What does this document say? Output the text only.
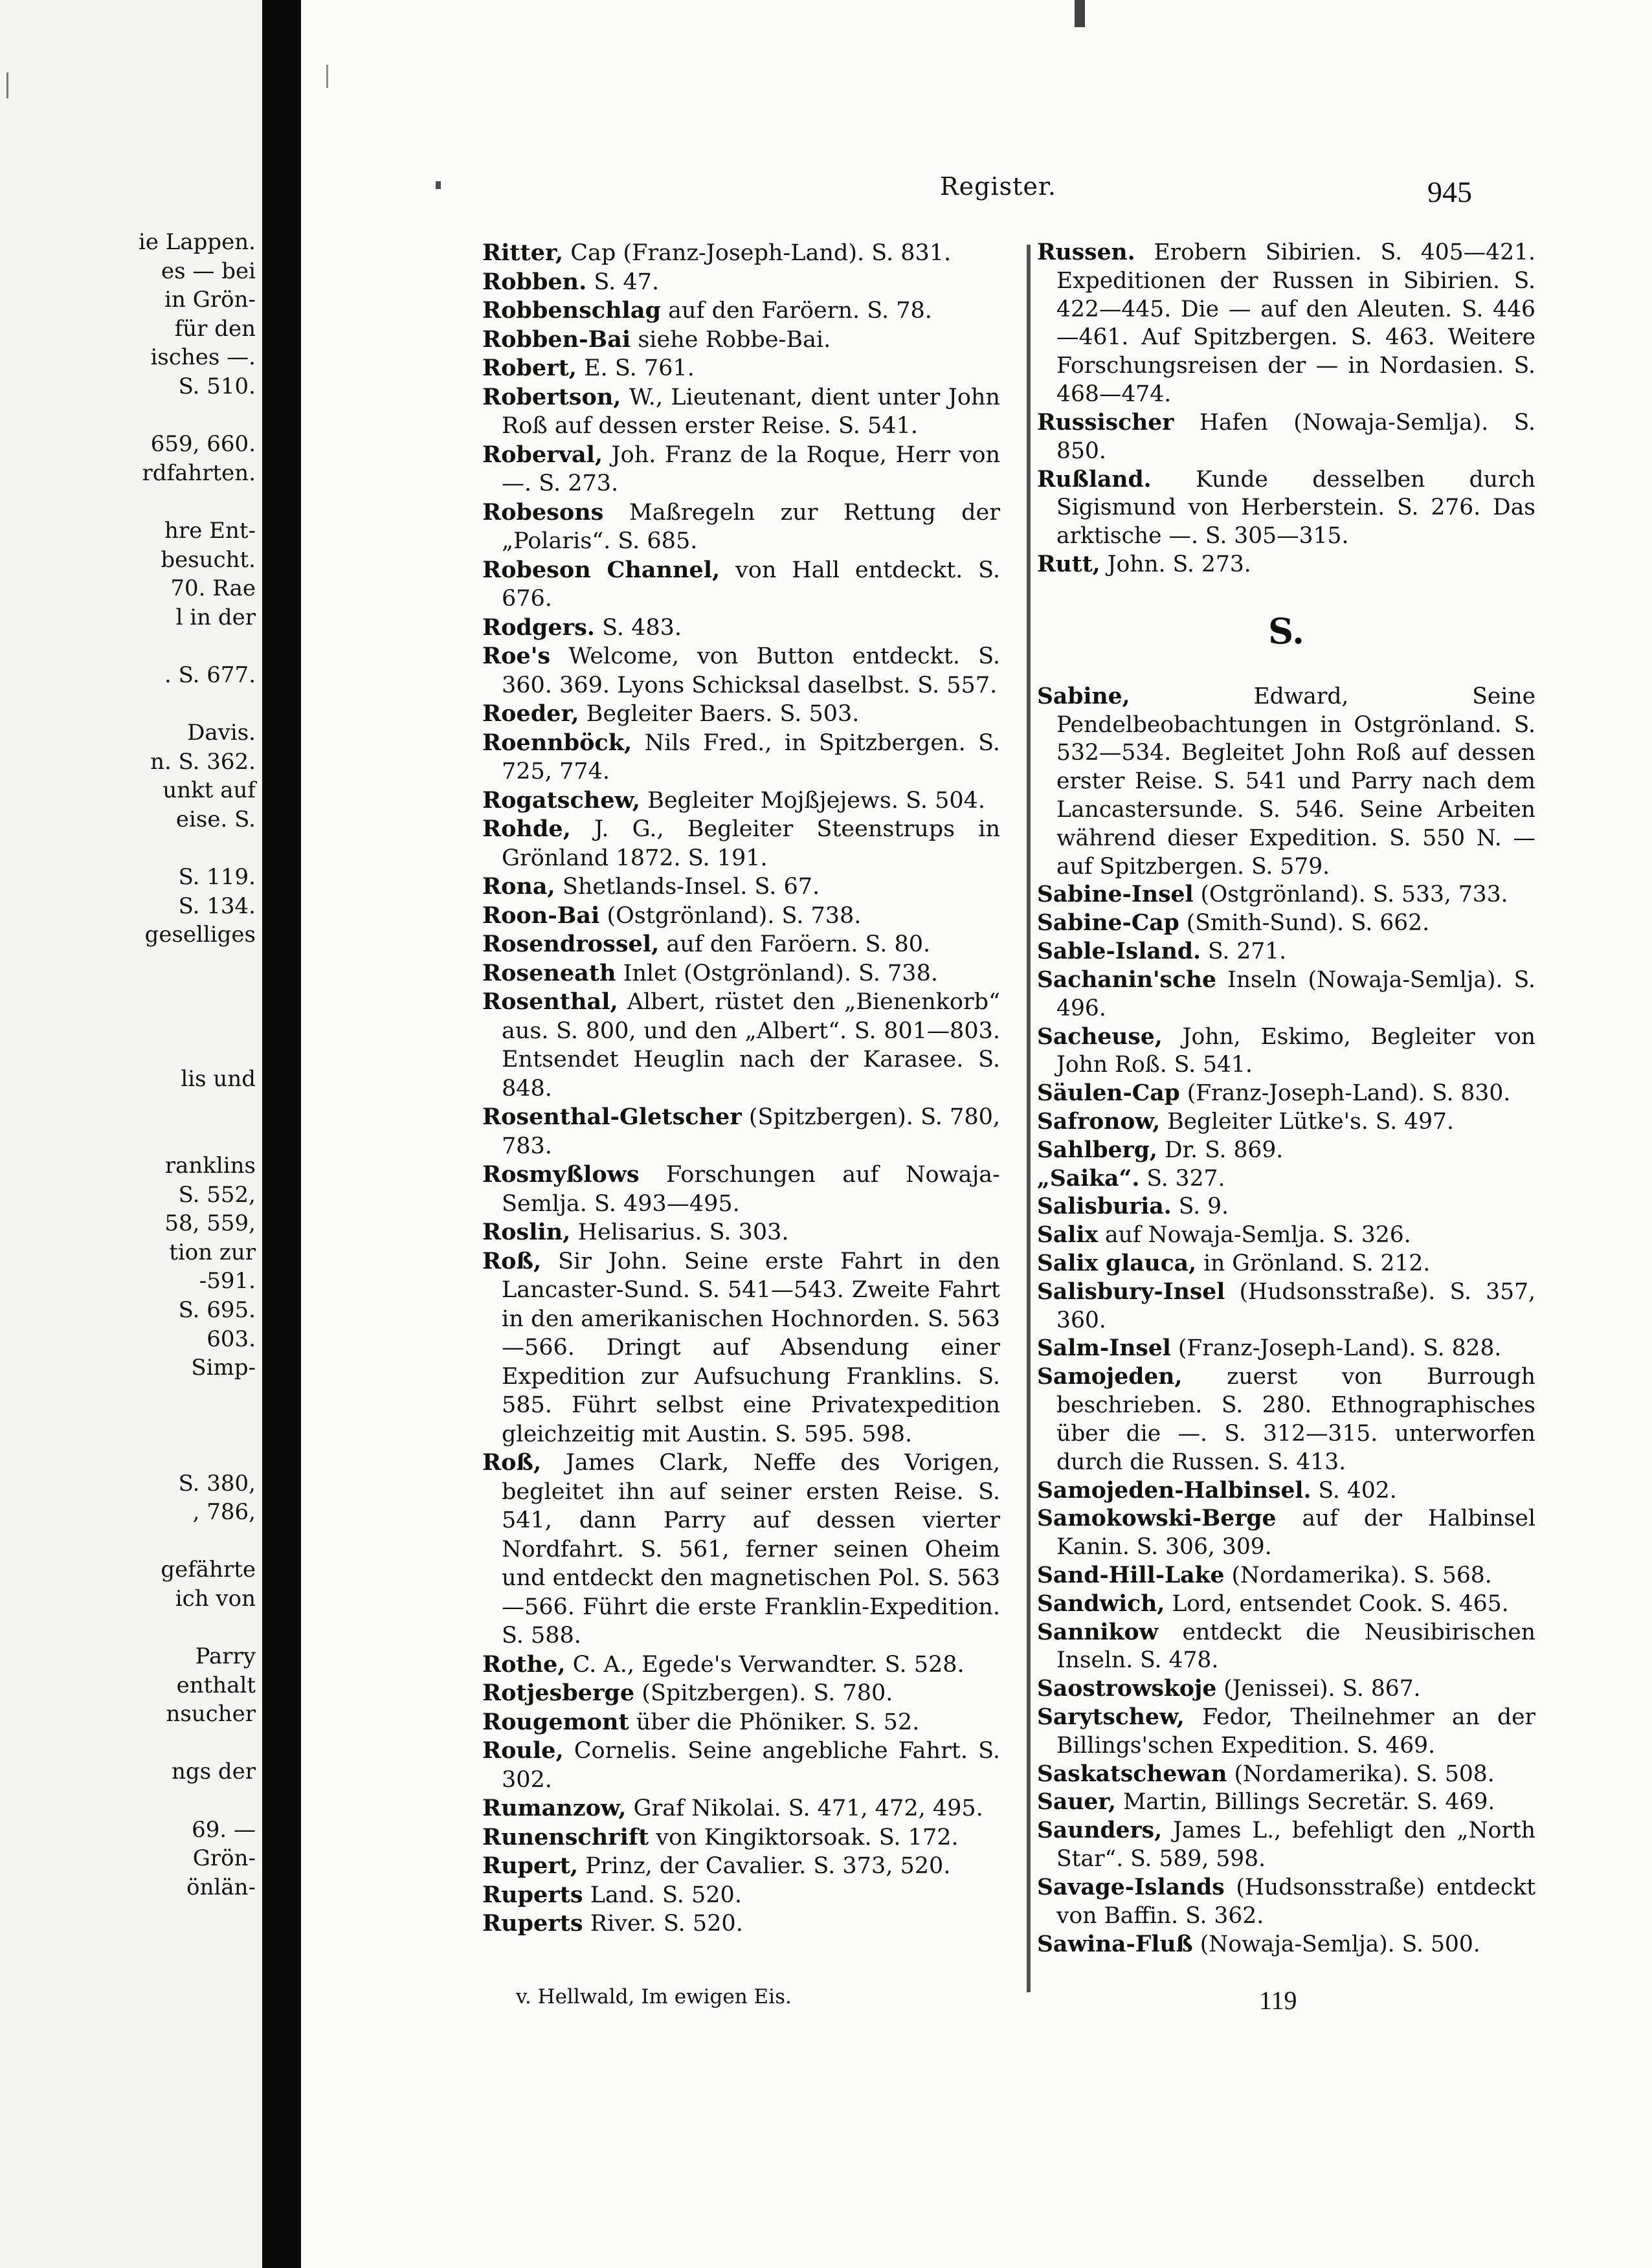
ie Lappen.
es — bei
in Grön-
für den
isches —.
S. 510.
659, 660.
rdfahrten.
hre Ent-
besucht.
70. Rae
l in der
. S. 677.
Davis.
n. S. 362.
unkt auf
eise. S.
S. 119.
S. 134.
geselliges
lis und
ranklins
S. 552,
58, 559,
tion zur
-591.
S. 695.
603.
Simp-
S. 380,
, 786,
gefährte
ich von
Parry
enthalt
nsucher
ngs der
69. —
Grön-
önlän-
Register.	945
Ritter, Cap (Franz-Joseph-Land). S. 831.
Robben. S. 47.
Robbenschlag auf den Faröern. S. 78.
Robben-Bai siehe Robbe-Bai.
Robert, E. S. 761.
Robertson, W., Lieutenant, dient unter John Roß auf dessen erster Reise. S. 541.
Roberval, Joh. Franz de la Roque, Herr von —. S. 273.
Robesons Maßregeln zur Rettung der „Polaris“. S. 685.
Robeson Channel, von Hall entdeckt. S. 676.
Rodgers. S. 483.
Roe's Welcome, von Button entdeckt. S. 360. 369. Lyons Schicksal daselbst. S. 557.
Roeder, Begleiter Baers. S. 503.
Roennböck, Nils Fred., in Spitzbergen. S. 725, 774.
Rogatschew, Begleiter Mojßjejews. S. 504.
Rohde, J. G., Begleiter Steenstrups in Grönland 1872. S. 191.
Rona, Shetlands-Insel. S. 67.
Roon-Bai (Ostgrönland). S. 738.
Rosendrossel, auf den Faröern. S. 80.
Roseneath Inlet (Ostgrönland). S. 738.
Rosenthal, Albert, rüstet den „Bienenkorb“ aus. S. 800, und den „Albert“. S. 801—803. Entsendet Heuglin nach der Karasee. S. 848.
Rosenthal-Gletscher (Spitzbergen). S. 780, 783.
Rosmyßlows Forschungen auf Nowaja-Semlja. S. 493—495.
Roslin, Helisarius. S. 303.
Roß, Sir John. Seine erste Fahrt in den Lancaster-Sund. S. 541—543. Zweite Fahrt in den amerikanischen Hochnorden. S. 563—566. Dringt auf Absendung einer Expedition zur Aufsuchung Franklins. S. 585. Führt selbst eine Privatexpedition gleichzeitig mit Austin. S. 595. 598.
Roß, James Clark, Neffe des Vorigen, begleitet ihn auf seiner ersten Reise. S. 541, dann Parry auf dessen vierter Nordfahrt. S. 561, ferner seinen Oheim und entdeckt den magnetischen Pol. S. 563—566. Führt die erste Franklin-Expedition. S. 588.
Rothe, C. A., Egede's Verwandter. S. 528.
Rotjesberge (Spitzbergen). S. 780.
Rougemont über die Phöniker. S. 52.
Roule, Cornelis. Seine angebliche Fahrt. S. 302.
Rumanzow, Graf Nikolai. S. 471, 472, 495.
Runenschrift von Kingiktorsoak. S. 172.
Rupert, Prinz, der Cavalier. S. 373, 520.
Ruperts Land. S. 520.
Ruperts River. S. 520.
Russen. Erobern Sibirien. S. 405—421. Expeditionen der Russen in Sibirien. S. 422—445. Die — auf den Aleuten. S. 446—461. Auf Spitzbergen. S. 463. Weitere Forschungsreisen der — in Nordasien. S. 468—474.
Russischer Hafen (Nowaja-Semlja). S. 850.
Rußland. Kunde desselben durch Sigismund von Herberstein. S. 276. Das arktische —. S. 305—315.
Rutt, John. S. 273.
S.
Sabine,	Edward, Seine Pendelbeobachtungen in Ostgrönland. S. 532—534. Begleitet John Roß auf dessen erster Reise. S. 541 und Parry nach dem Lancastersunde. S. 546. Seine Arbeiten während dieser Expedition. S. 550 N. — auf Spitzbergen. S. 579.
Sabine-Insel (Ostgrönland). S. 533, 733.
Sabine-Cap (Smith-Sund). S. 662.
Sable-Island. S. 271.
Sachanin'sche Inseln (Nowaja-Semlja). S. 496.
Sacheuse, John, Eskimo, Begleiter von John Roß. S. 541.
Säulen-Cap (Franz-Joseph-Land). S. 830.
Safronow, Begleiter Lütke's. S. 497.
Sahlberg, Dr. S. 869.
„Saika“. S. 327.
Salisburia. S. 9.
Salix auf Nowaja-Semlja. S. 326.
Salix glauca, in Grönland. S. 212.
Salisbury-Insel (Hudsonsstraße). S. 357, 360.
Salm-Insel (Franz-Joseph-Land). S. 828.
Samojeden, zuerst von Burrough beschrieben. S. 280. Ethnographisches über die —. S. 312—315. unterworfen durch die Russen. S. 413.
Samojeden-Halbinsel. S. 402.
Samokowski-Berge auf der Halbinsel Kanin. S. 306, 309.
Sand-Hill-Lake (Nordamerika). S. 568.
Sandwich, Lord, entsendet Cook. S. 465.
Sannikow entdeckt die Neusibirischen Inseln. S. 478.
Saostrowskoje (Jenissei). S. 867.
Sarytschew, Fedor, Theilnehmer an der Billings'schen Expedition. S. 469.
Saskatschewan (Nordamerika). S. 508.
Sauer, Martin, Billings Secretär. S. 469.
Saunders, James L., befehligt den „North Star“. S. 589, 598.
Savage-Islands (Hudsonsstraße) entdeckt von Baffin. S. 362.
Sawina-Fluß (Nowaja-Semlja). S. 500.
v. Hellwald, Im ewigen Eis.	119
